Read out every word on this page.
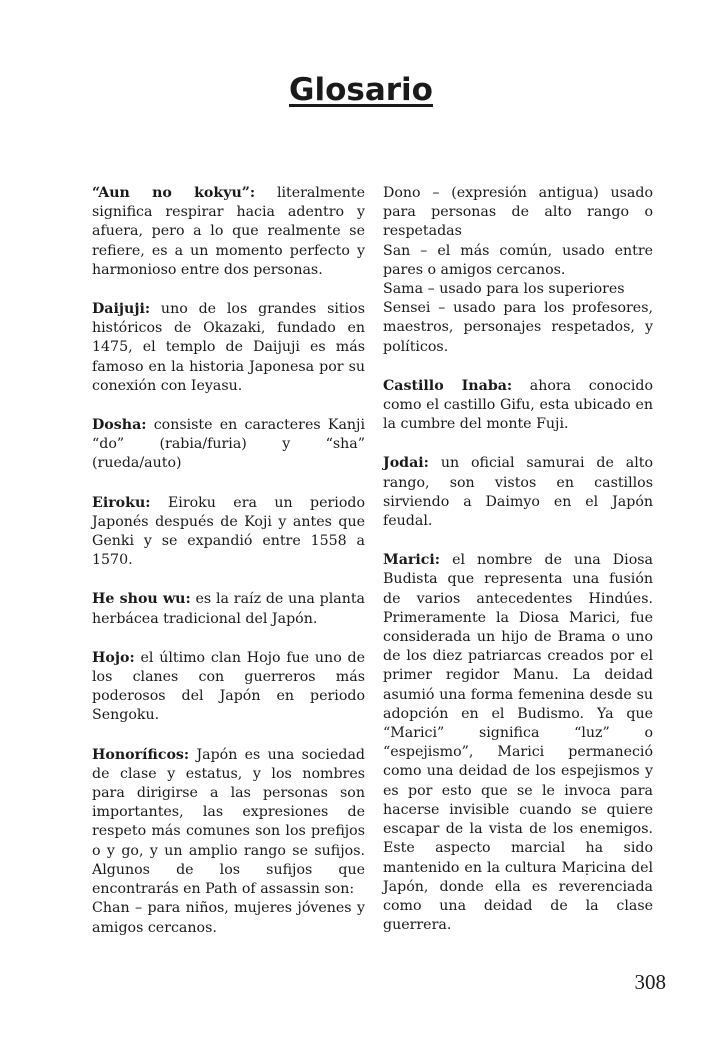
Glosario

“Aun no kokyu”: literalmente significa respirar hacia adentro y afuera, pero a lo que realmente se refiere, es a un momento perfecto y harmonioso entre dos personas.

Daijuji: uno de los grandes sitios históricos de Okazaki, fundado en 1475, el templo de Daijuji es más famoso en la historia Japonesa por su conexión con Ieyasu.

Dosha: consiste en caracteres Kanji “do” (rabia/furia) y “sha” (rueda/auto)

Eiroku: Eiroku era un periodo Japonés después de Koji y antes que Genki y se expandió entre 1558 a 1570.

He shou wu: es la raíz de una planta herbácea tradicional del Japón.

Hojo: el último clan Hojo fue uno de los clanes con guerreros más poderosos del Japón en periodo Sengoku.

Honoríficos: Japón es una sociedad de clase y estatus, y los nombres para dirigirse a las personas son importantes, las expresiones de respeto más comunes son los prefijos o y go, y un amplio rango se sufijos. Algunos de los sufijos que encontrarás en Path of assassin son:

Chan – para niños, mujeres jóvenes y amigos cercanos.

Dono – (expresión antigua) usado para personas de alto rango o respetadas

San – el más común, usado entre pares o amigos cercanos.

Sama – usado para los superiores

Sensei – usado para los profesores, maestros, personajes respetados, y políticos.

Castillo Inaba: ahora conocido como el castillo Gifu, esta ubicado en la cumbre del monte Fuji.

Jodai: un oficial samurai de alto rango, son vistos en castillos sirviendo a Daimyo en el Japón feudal.

Marici: el nombre de una Diosa Budista que representa una fusión de varios antecedentes Hindúes. Primeramente la Diosa Marici, fue considerada un hijo de Brama o uno de los diez patriarcas creados por el primer regidor Manu. La deidad asumió una forma femenina desde su adopción en el Budismo. Ya que “Marici” significa “luz” o “espejismo”, Marici permaneció como una deidad de los espejismos y es por esto que se le invoca para hacerse invisible cuando se quiere escapar de la vista de los enemigos. Este aspecto marcial ha sido mantenido en la cultura Maṛicina del Japón, donde ella es reverenciada como una deidad de la clase guerrera.

308
